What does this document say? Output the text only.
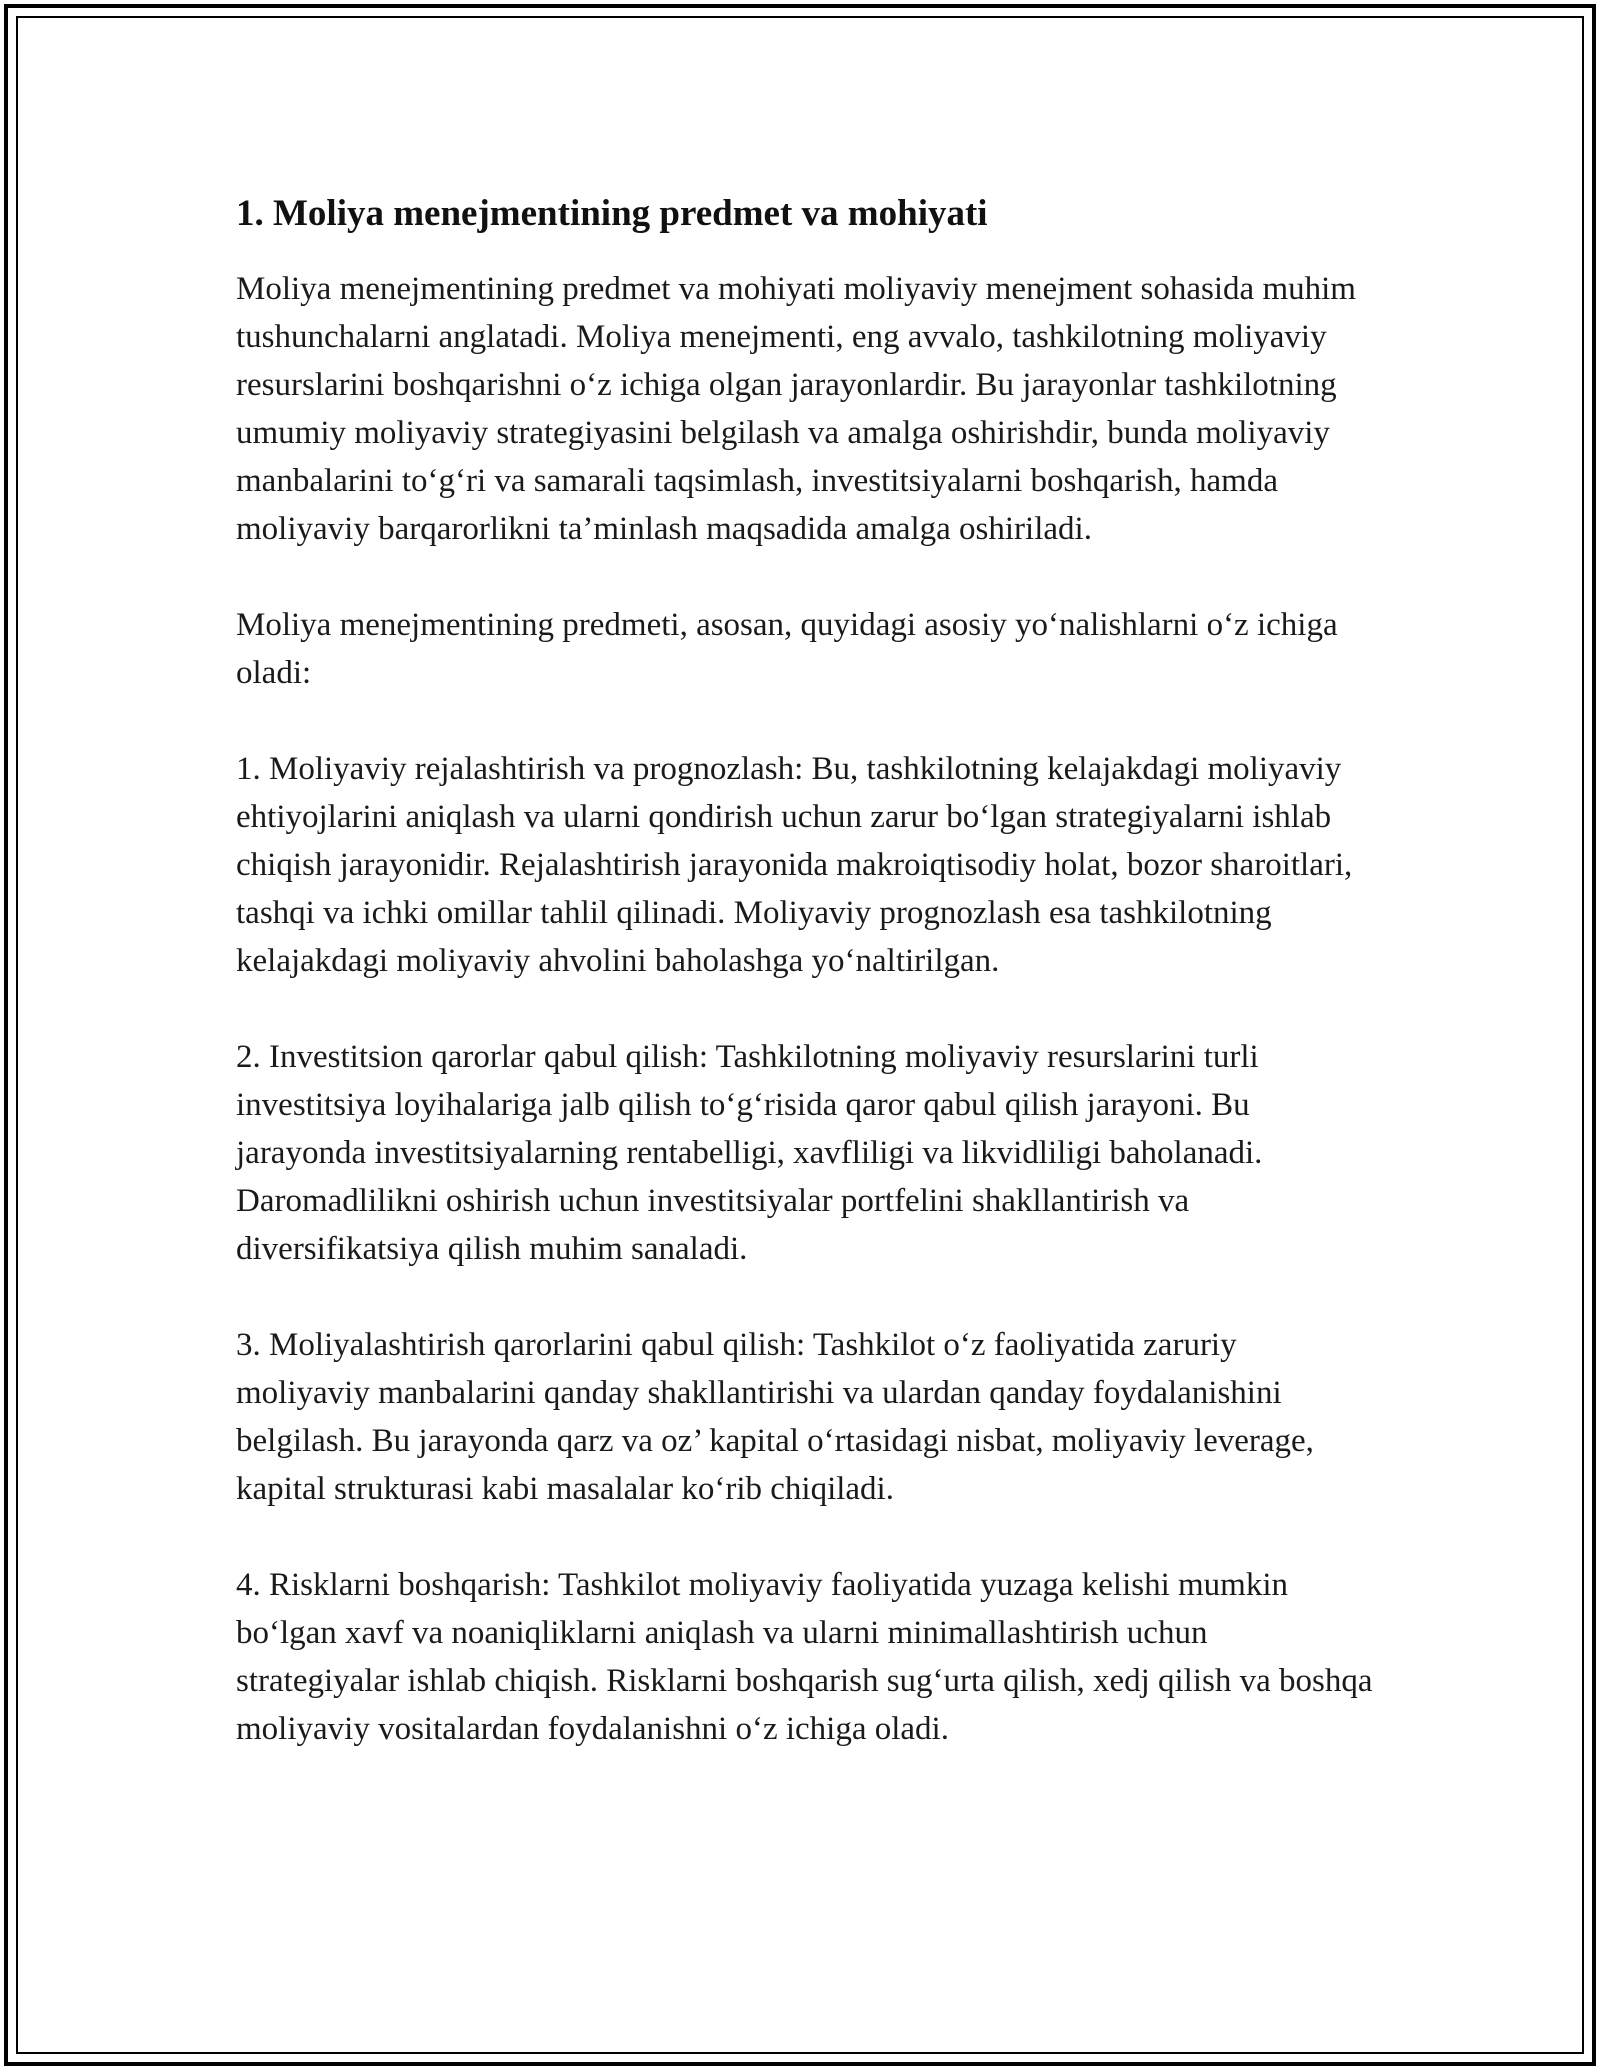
1. Moliya menejmentining predmet va mohiyati

Moliya menejmentining predmet va mohiyati moliyaviy menejment sohasida muhim tushunchalarni anglatadi. Moliya menejmenti, eng avvalo, tashkilotning moliyaviy resurslarini boshqarishni o‘z ichiga olgan jarayonlardir. Bu jarayonlar tashkilotning umumiy moliyaviy strategiyasini belgilash va amalga oshirishdir, bunda moliyaviy manbalarini to‘g‘ri va samarali taqsimlash, investitsiyalarni boshqarish, hamda moliyaviy barqarorlikni ta’minlash maqsadida amalga oshiriladi.

Moliya menejmentining predmeti, asosan, quyidagi asosiy yo‘nalishlarni o‘z ichiga oladi:

1. Moliyaviy rejalashtirish va prognozlash: Bu, tashkilotning kelajakdagi moliyaviy ehtiyojlarini aniqlash va ularni qondirish uchun zarur bo‘lgan strategiyalarni ishlab chiqish jarayonidir. Rejalashtirish jarayonida makroiqtisodiy holat, bozor sharoitlari, tashqi va ichki omillar tahlil qilinadi. Moliyaviy prognozlash esa tashkilotning kelajakdagi moliyaviy ahvolini baholashga yo‘naltirilgan.

2. Investitsion qarorlar qabul qilish: Tashkilotning moliyaviy resurslarini turli investitsiya loyihalariga jalb qilish to‘g‘risida qaror qabul qilish jarayoni. Bu jarayonda investitsiyalarning rentabelligi, xavfliligi va likvidliligi baholanadi. Daromadlilikni oshirish uchun investitsiyalar portfelini shakllantirish va diversifikatsiya qilish muhim sanaladi.

3. Moliyalashtirish qarorlarini qabul qilish: Tashkilot o‘z faoliyatida zaruriy moliyaviy manbalarini qanday shakllantirishi va ulardan qanday foydalanishini belgilash. Bu jarayonda qarz va oz’ kapital o‘rtasidagi nisbat, moliyaviy leverage, kapital strukturasi kabi masalalar ko‘rib chiqiladi.

4. Risklarni boshqarish: Tashkilot moliyaviy faoliyatida yuzaga kelishi mumkin bo‘lgan xavf va noaniqliklarni aniqlash va ularni minimallashtirish uchun strategiyalar ishlab chiqish. Risklarni boshqarish sug‘urta qilish, xedj qilish va boshqa moliyaviy vositalardan foydalanishni o‘z ichiga oladi.
